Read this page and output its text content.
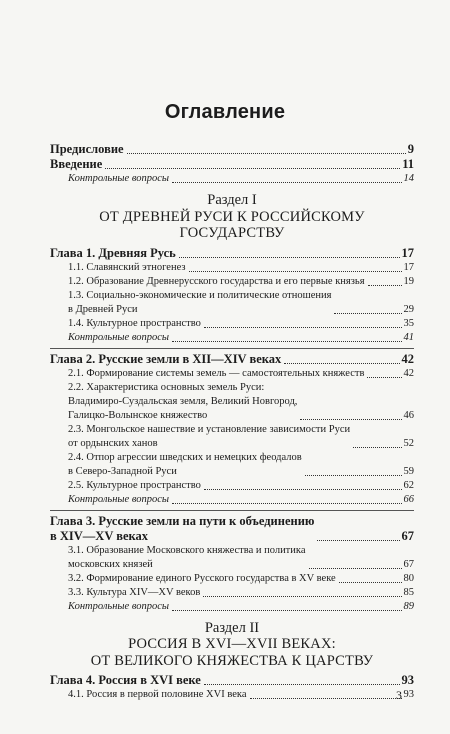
Оглавление
Предисловие	9
Введение	11
Контрольные вопросы	14
Раздел I
ОТ ДРЕВНЕЙ РУСИ К РОССИЙСКОМУ ГОСУДАРСТВУ
Глава 1. Древняя Русь	17
1.1. Славянский этногенез	17
1.2. Образование Древнерусского государства и его первые князья	19
1.3. Социально-экономические и политические отношения
в Древней Руси	29
1.4. Культурное пространство	35
Контрольные вопросы	41
Глава 2. Русские земли в XII—XIV веках	42
2.1. Формирование системы земель — самостоятельных княжеств	42
2.2. Характеристика основных земель Руси:
Владимиро-Суздальская земля, Великий Новгород,
Галицко-Волынское княжество	46
2.3. Монгольское нашествие и установление зависимости Руси
от ордынских ханов	52
2.4. Отпор агрессии шведских и немецких феодалов
в Северо-Западной Руси	59
2.5. Культурное пространство	62
Контрольные вопросы	66
Глава 3. Русские земли на пути к объединению
в XIV—XV веках	67
3.1. Образование Московского княжества и политика
московских князей	67
3.2. Формирование единого Русского государства в XV веке	80
3.3. Культура XIV—XV веков	85
Контрольные вопросы	89
Раздел II
РОССИЯ В XVI—XVII ВЕКАХ:
ОТ ВЕЛИКОГО КНЯЖЕСТВА К ЦАРСТВУ
Глава 4. Россия в XVI веке	93
4.1. Россия в первой половине XVI века	93
3
